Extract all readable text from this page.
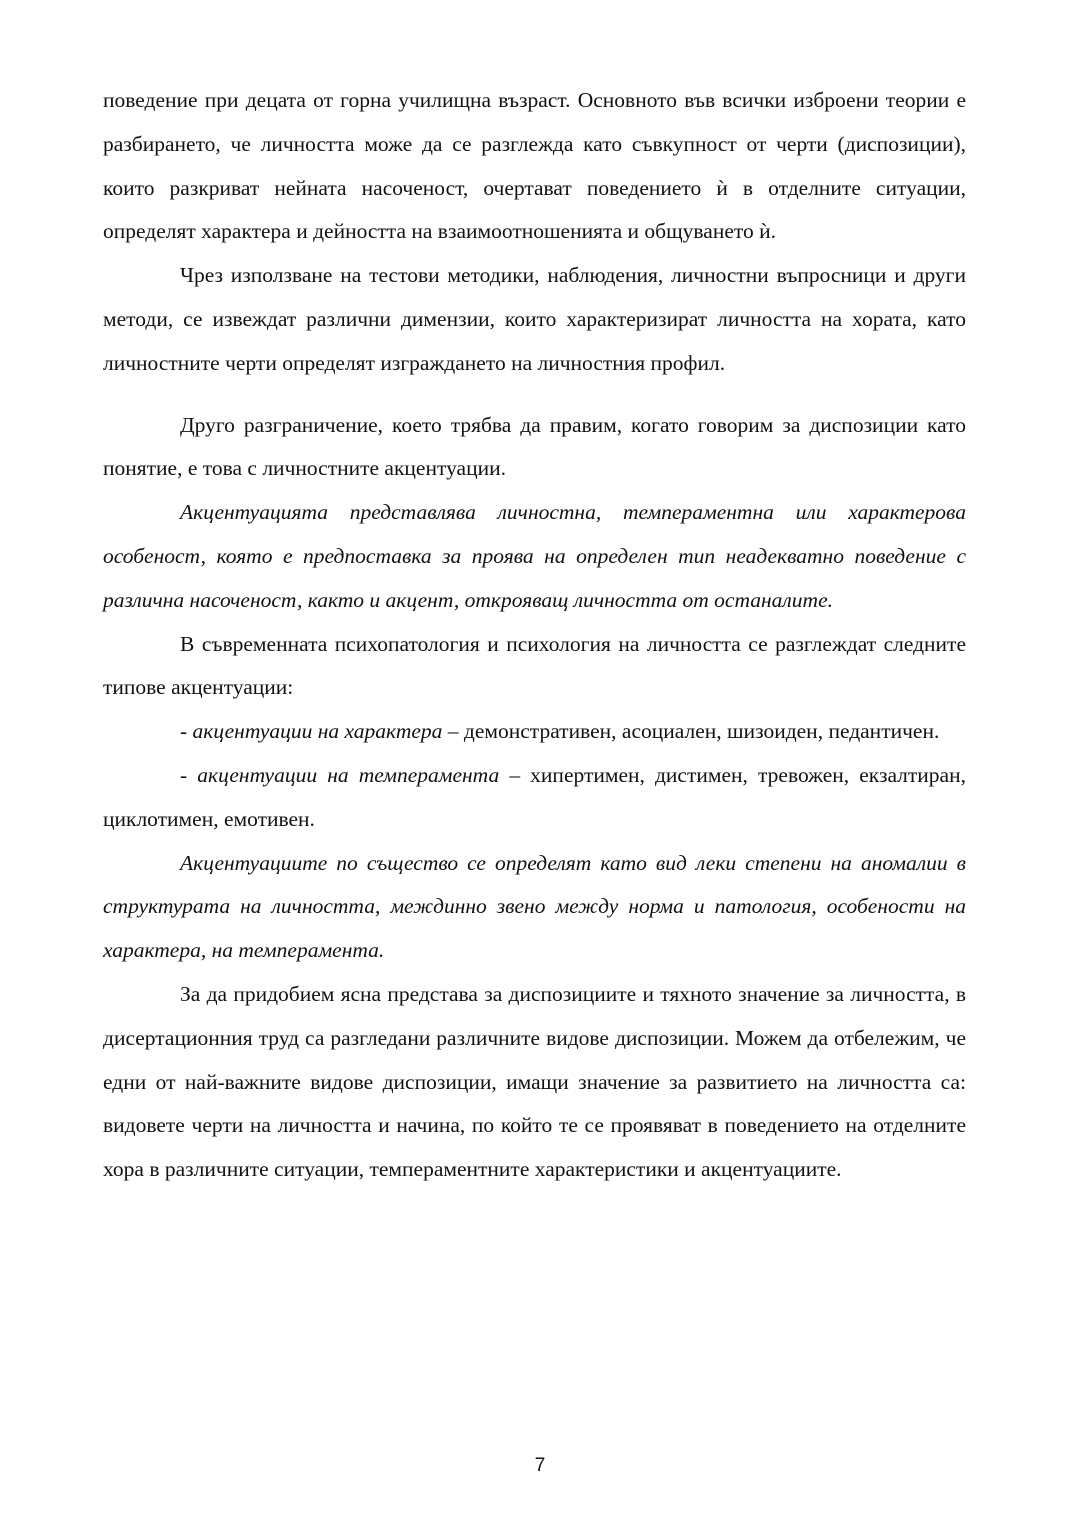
поведение при децата от горна училищна възраст. Основното във всички изброени теории е разбирането, че личността може да се разглежда като съвкупност от черти (диспозиции), които разкриват нейната насоченост, очертават поведението ѝ в отделните ситуации, определят характера и дейността на взаимоотношенията и общуването ѝ.

Чрез използване на тестови методики, наблюдения, личностни въпросници и други методи, се извеждат различни димензии, които характеризират личността на хората, като личностните черти определят изграждането на личностния профил.

Друго разграничение, което трябва да правим, когато говорим за диспозиции като понятие, е това с личностните акцентуации.

Акцентуацията представлява личностна, темпераментна или характерова особеност, която е предпоставка за проява на определен тип неадекватно поведение с различна насоченост, както и акцент, открояващ личността от останалите.

В съвременната психопатология и психология на личността се разглеждат следните типове акцентуации:

- акцентуации на характера – демонстративен, асоциален, шизоиден, педантичен.

- акцентуации на темперамента – хипертимен, дистимен, тревожен, екзалтиран, циклотимен, емотивен.

Акцентуациите по същество се определят като вид леки степени на аномалии в структурата на личността, междинно звено между норма и патология, особености на характера, на темперамента.

За да придобием ясна представа за диспозициите и тяхното значение за личността, в дисертационния труд са разгледани различните видове диспозиции. Можем да отбележим, че едни от най-важните видове диспозиции, имащи значение за развитието на личността са: видовете черти на личността и начина, по който те се проявяват в поведението на отделните хора в различните ситуации, темпераментните характеристики и акцентуациите.

7
